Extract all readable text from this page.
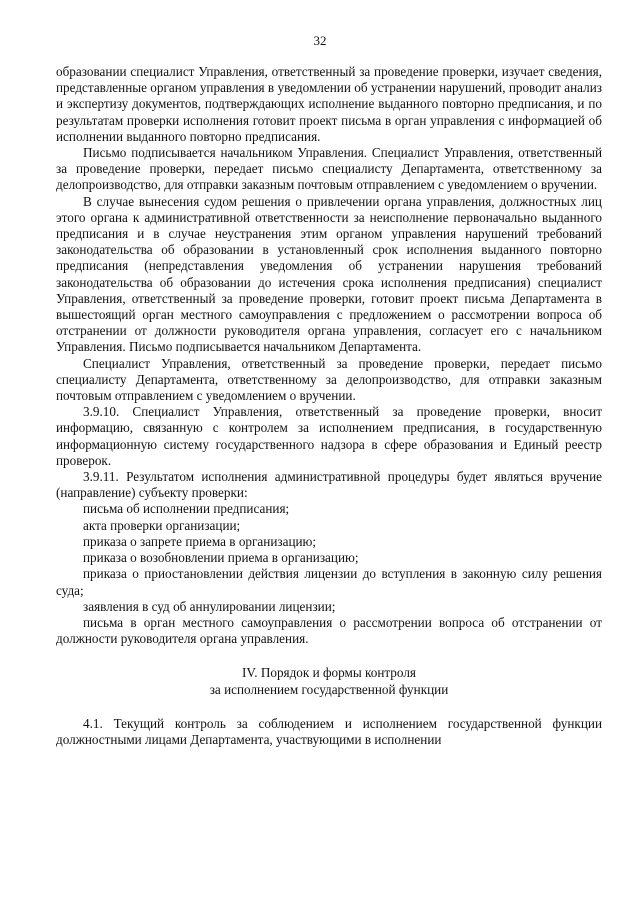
32

образовании специалист Управления, ответственный за проведение проверки, изучает сведения, представленные органом управления в уведомлении об устранении нарушений, проводит анализ и экспертизу документов, подтверждающих исполнение выданного повторно предписания, и по результатам проверки исполнения готовит проект письма в орган управления с информацией об исполнении выданного повторно предписания.

Письмо подписывается начальником Управления. Специалист Управления, ответственный за проведение проверки, передает письмо специалисту Департамента, ответственному за делопроизводство, для отправки заказным почтовым отправлением с уведомлением о вручении.

В случае вынесения судом решения о привлечении органа управления, должностных лиц этого органа к административной ответственности за неисполнение первоначально выданного предписания и в случае неустранения этим органом управления нарушений требований законодательства об образовании в установленный срок исполнения выданного повторно предписания (непредставления уведомления об устранении нарушения требований законодательства об образовании до истечения срока исполнения предписания) специалист Управления, ответственный за проведение проверки, готовит проект письма Департамента в вышестоящий орган местного самоуправления с предложением о рассмотрении вопроса об отстранении от должности руководителя органа управления, согласует его с начальником Управления. Письмо подписывается начальником Департамента.

Специалист Управления, ответственный за проведение проверки, передает письмо специалисту Департамента, ответственному за делопроизводство, для отправки заказным почтовым отправлением с уведомлением о вручении.

3.9.10. Специалист Управления, ответственный за проведение проверки, вносит информацию, связанную с контролем за исполнением предписания, в государственную информационную систему государственного надзора в сфере образования и Единый реестр проверок.

3.9.11. Результатом исполнения административной процедуры будет являться вручение (направление) субъекту проверки:

письма об исполнении предписания;

акта проверки организации;

приказа о запрете приема в организацию;

приказа о возобновлении приема в организацию;

приказа о приостановлении действия лицензии до вступления в законную силу решения суда;

заявления в суд об аннулировании лицензии;

письма в орган местного самоуправления о рассмотрении вопроса об отстранении от должности руководителя органа управления.

IV. Порядок и формы контроля

за исполнением государственной функции

4.1. Текущий контроль за соблюдением и исполнением государственной функции должностными лицами Департамента, участвующими в исполнении
